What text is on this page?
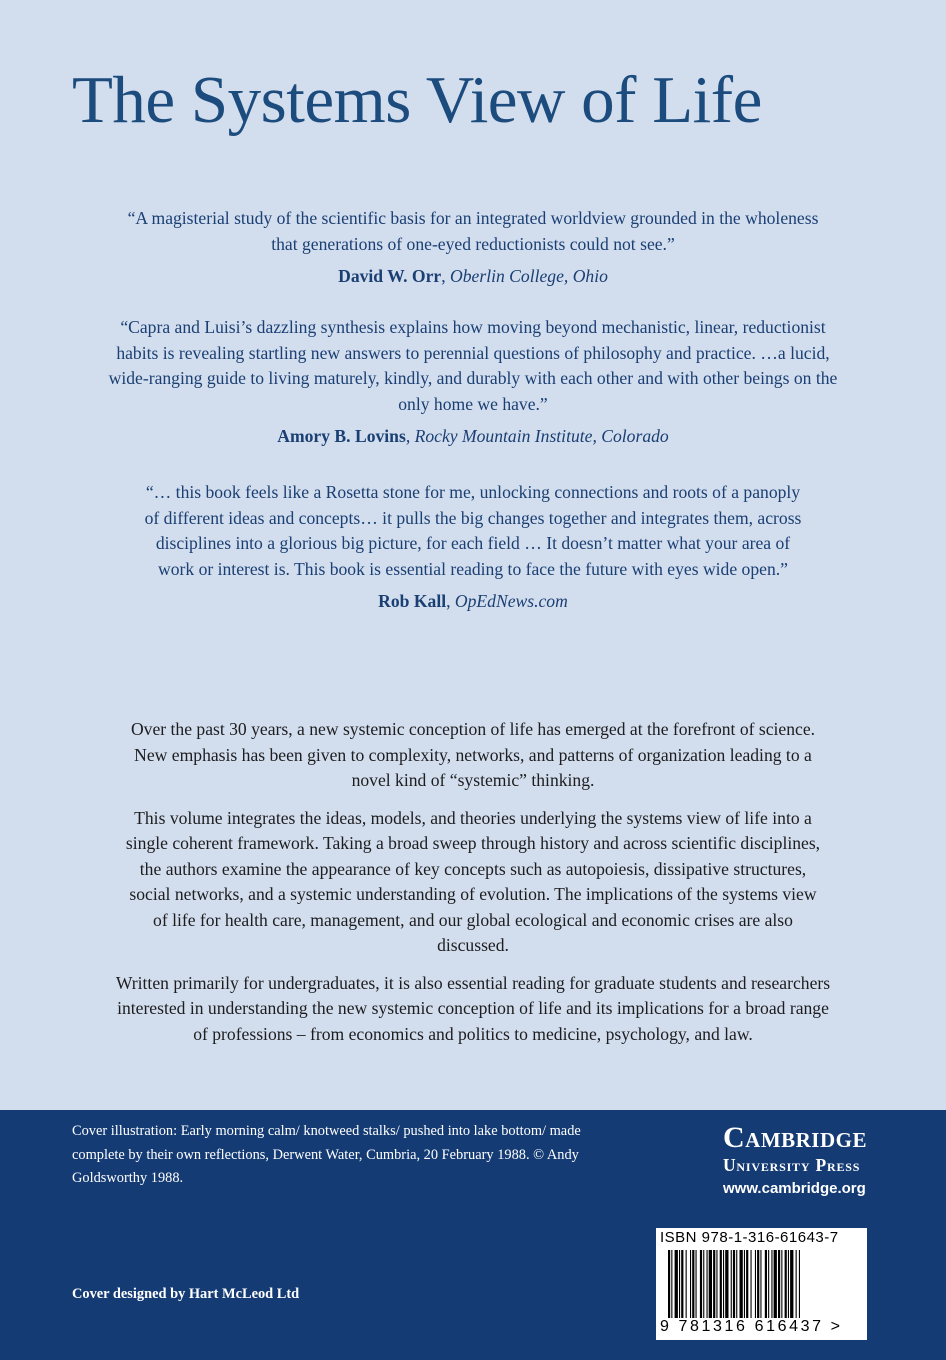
The Systems View of Life

“A magisterial study of the scientific basis for an integrated worldview grounded in the wholeness that generations of one-eyed reductionists could not see.”

David W. Orr, Oberlin College, Ohio

“Capra and Luisi’s dazzling synthesis explains how moving beyond mechanistic, linear, reductionist habits is revealing startling new answers to perennial questions of philosophy and practice. …a lucid, wide-ranging guide to living maturely, kindly, and durably with each other and with other beings on the only home we have.”

Amory B. Lovins, Rocky Mountain Institute, Colorado

“… this book feels like a Rosetta stone for me, unlocking connections and roots of a panoply of different ideas and concepts… it pulls the big changes together and integrates them, across disciplines into a glorious big picture, for each field … It doesn’t matter what your area of work or interest is. This book is essential reading to face the future with eyes wide open.”

Rob Kall, OpEdNews.com

Over the past 30 years, a new systemic conception of life has emerged at the forefront of science. New emphasis has been given to complexity, networks, and patterns of organization leading to a novel kind of “systemic” thinking.

This volume integrates the ideas, models, and theories underlying the systems view of life into a single coherent framework. Taking a broad sweep through history and across scientific disciplines, the authors examine the appearance of key concepts such as autopoiesis, dissipative structures, social networks, and a systemic understanding of evolution. The implications of the systems view of life for health care, management, and our global ecological and economic crises are also discussed.

Written primarily for undergraduates, it is also essential reading for graduate students and researchers interested in understanding the new systemic conception of life and its implications for a broad range of professions – from economics and politics to medicine, psychology, and law.

Cover illustration: Early morning calm/ knotweed stalks/ pushed into lake bottom/ made complete by their own reflections, Derwent Water, Cumbria, 20 February 1988. © Andy Goldsworthy 1988.
Cover designed by Hart McLeod Ltd
Cambridge
University Press
www.cambridge.org
ISBN 978-1-316-61643-7
9 781316 616437 >
